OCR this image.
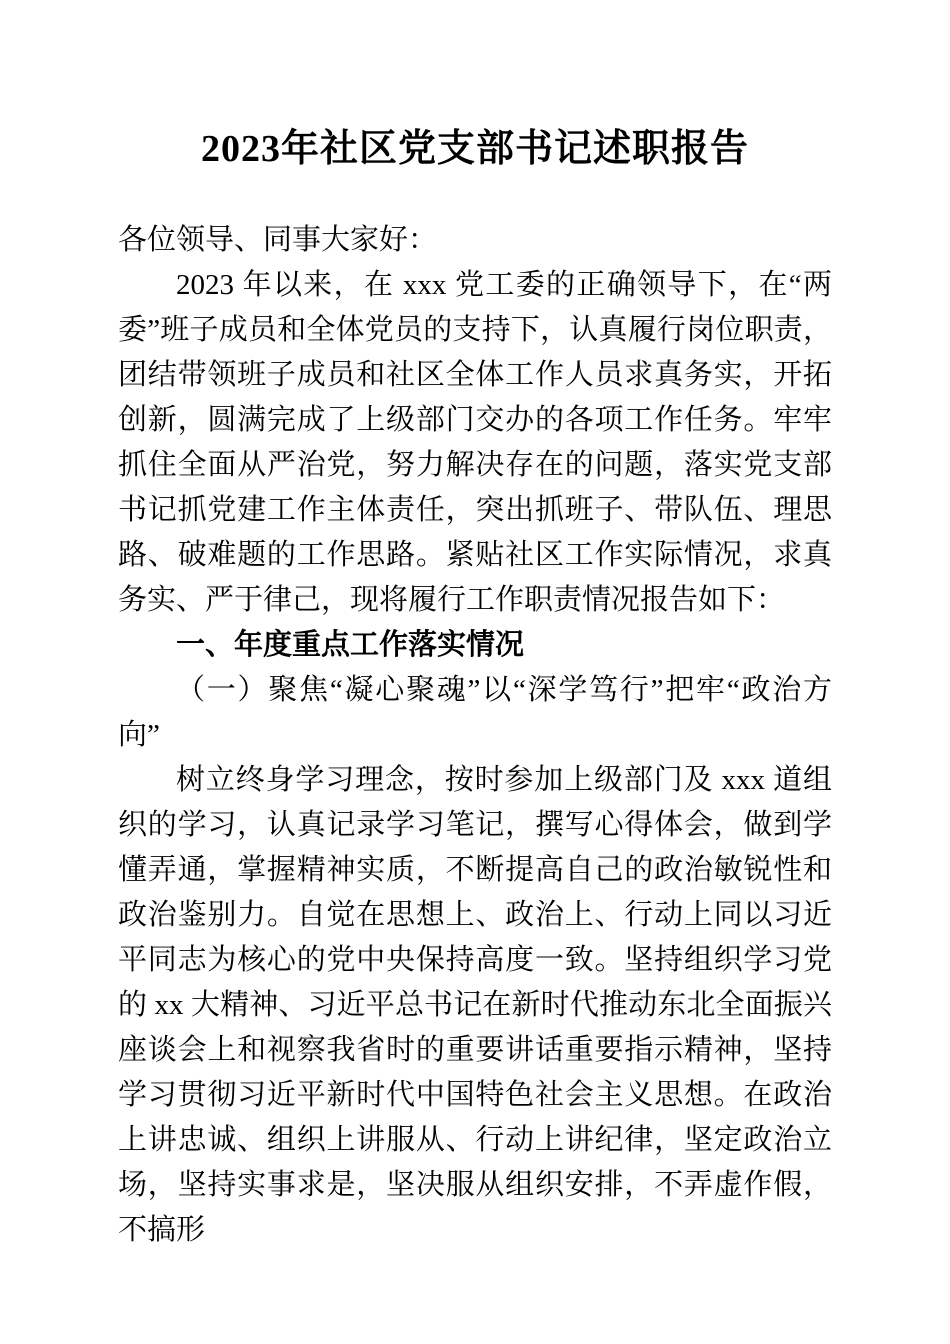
2023年社区党支部书记述职报告

各位领导、同事大家好：

2023 年以来，在 xxx 党工委的正确领导下，在“两委”班子成员和全体党员的支持下，认真履行岗位职责，团结带领班子成员和社区全体工作人员求真务实，开拓创新，圆满完成了上级部门交办的各项工作任务。牢牢抓住全面从严治党，努力解决存在的问题，落实党支部书记抓党建工作主体责任，突出抓班子、带队伍、理思路、破难题的工作思路。紧贴社区工作实际情况，求真务实、严于律己，现将履行工作职责情况报告如下：

一、年度重点工作落实情况

（一）聚焦“凝心聚魂”以“深学笃行”把牢“政治方向”

树立终身学习理念，按时参加上级部门及 xxx 道组织的学习，认真记录学习笔记，撰写心得体会，做到学懂弄通，掌握精神实质，不断提高自己的政治敏锐性和政治鉴别力。自觉在思想上、政治上、行动上同以习近平同志为核心的党中央保持高度一致。坚持组织学习党的 xx 大精神、习近平总书记在新时代推动东北全面振兴座谈会上和视察我省时的重要讲话重要指示精神，坚持学习贯彻习近平新时代中国特色社会主义思想。在政治上讲忠诚、组织上讲服从、行动上讲纪律，坚定政治立场，坚持实事求是，坚决服从组织安排，不弄虚作假，不搞形
